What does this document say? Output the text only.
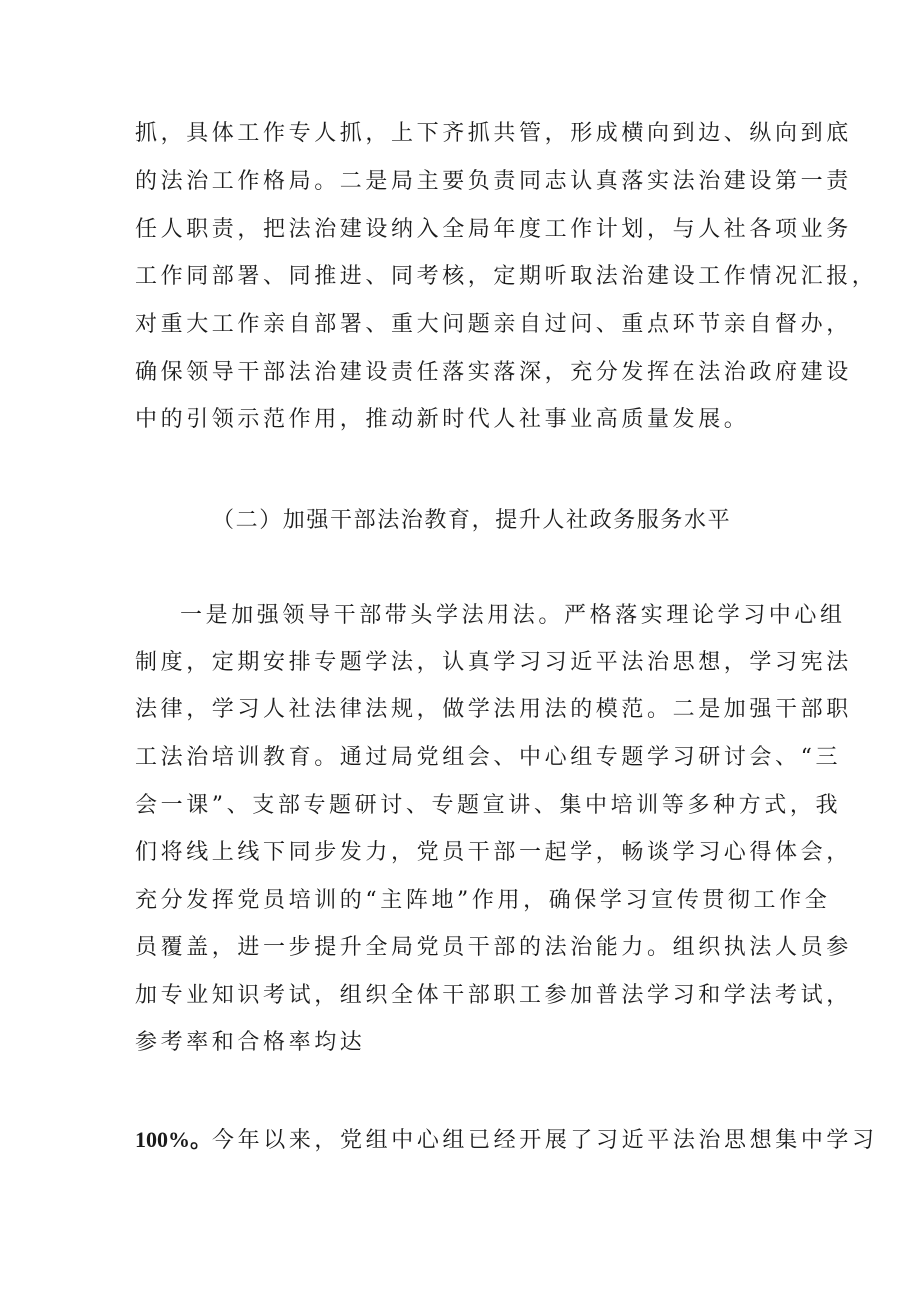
抓，具体工作专人抓，上下齐抓共管，形成横向到边、纵向到底
的法治工作格局。二是局主要负责同志认真落实法治建设第一责
任人职责，把法治建设纳入全局年度工作计划，与人社各项业务
工作同部署、同推进、同考核，定期听取法治建设工作情况汇报，
对重大工作亲自部署、重大问题亲自过问、重点环节亲自督办，
确保领导干部法治建设责任落实落深，充分发挥在法治政府建设
中的引领示范作用，推动新时代人社事业高质量发展。
（二）加强干部法治教育，提升人社政务服务水平
一是加强领导干部带头学法用法。严格落实理论学习中心组
制度，定期安排专题学法，认真学习习近平法治思想，学习宪法
法律，学习人社法律法规，做学法用法的模范。二是加强干部职
工法治培训教育。通过局党组会、中心组专题学习研讨会、“三
会一课”、支部专题研讨、专题宣讲、集中培训等多种方式，我
们将线上线下同步发力，党员干部一起学，畅谈学习心得体会，
充分发挥党员培训的“主阵地”作用，确保学习宣传贯彻工作全
员覆盖，进一步提升全局党员干部的法治能力。组织执法人员参
加专业知识考试，组织全体干部职工参加普法学习和学法考试，
参考率和合格率均达
100%。今年以来，党组中心组已经开展了习近平法治思想集中学习
